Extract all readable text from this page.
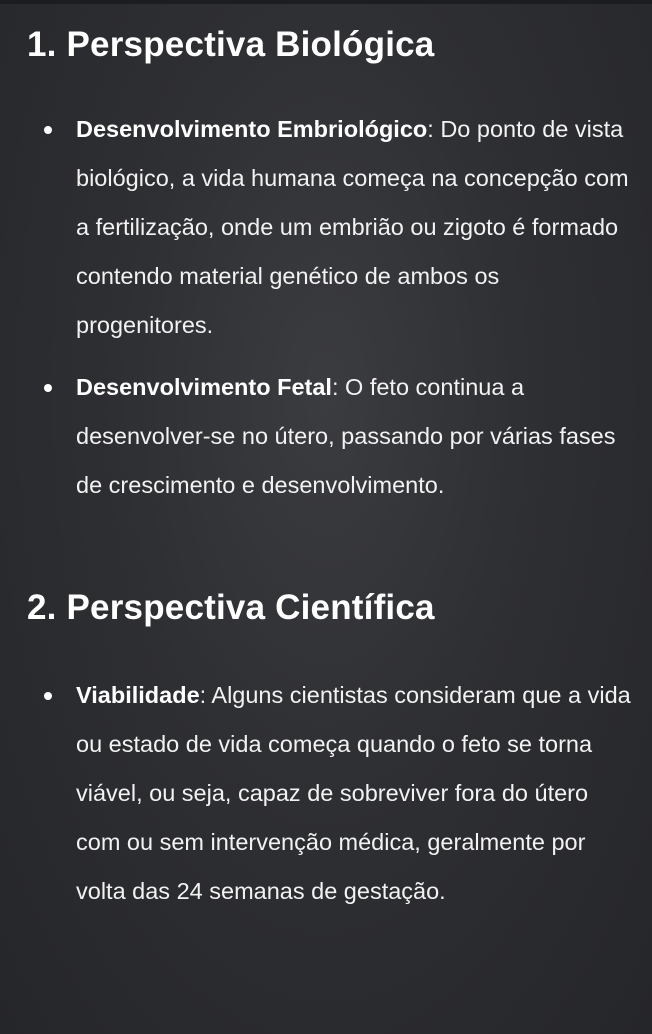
1. Perspectiva Biológica
Desenvolvimento Embriológico: Do ponto de vista biológico, a vida humana começa na concepção com a fertilização, onde um embrião ou zigoto é formado contendo material genético de ambos os progenitores.
Desenvolvimento Fetal: O feto continua a desenvolver-se no útero, passando por várias fases de crescimento e desenvolvimento.
2. Perspectiva Científica
Viabilidade: Alguns cientistas consideram que a vida ou estado de vida começa quando o feto se torna viável, ou seja, capaz de sobreviver fora do útero com ou sem intervenção médica, geralmente por volta das 24 semanas de gestação.
